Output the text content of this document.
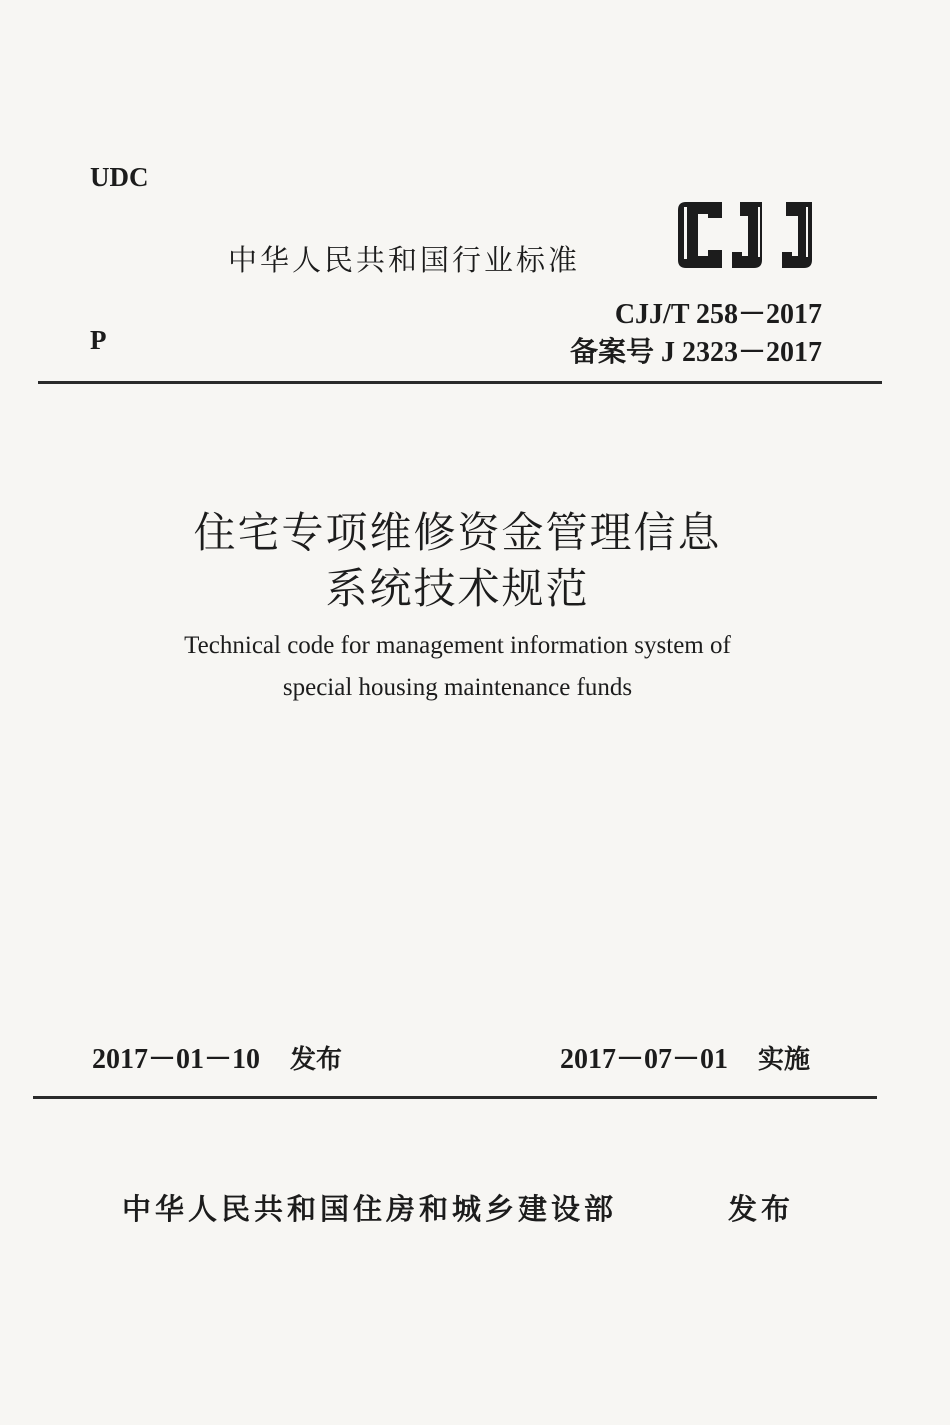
UDC
中华人民共和国行业标准
CJJ/T 258－2017
P	备案号 J 2323－2017
住宅专项维修资金管理信息
系统技术规范
Technical code for management information system of
special housing maintenance funds
2017－01－10 发布	2017－07－01 实施
中华人民共和国住房和城乡建设部	发布
